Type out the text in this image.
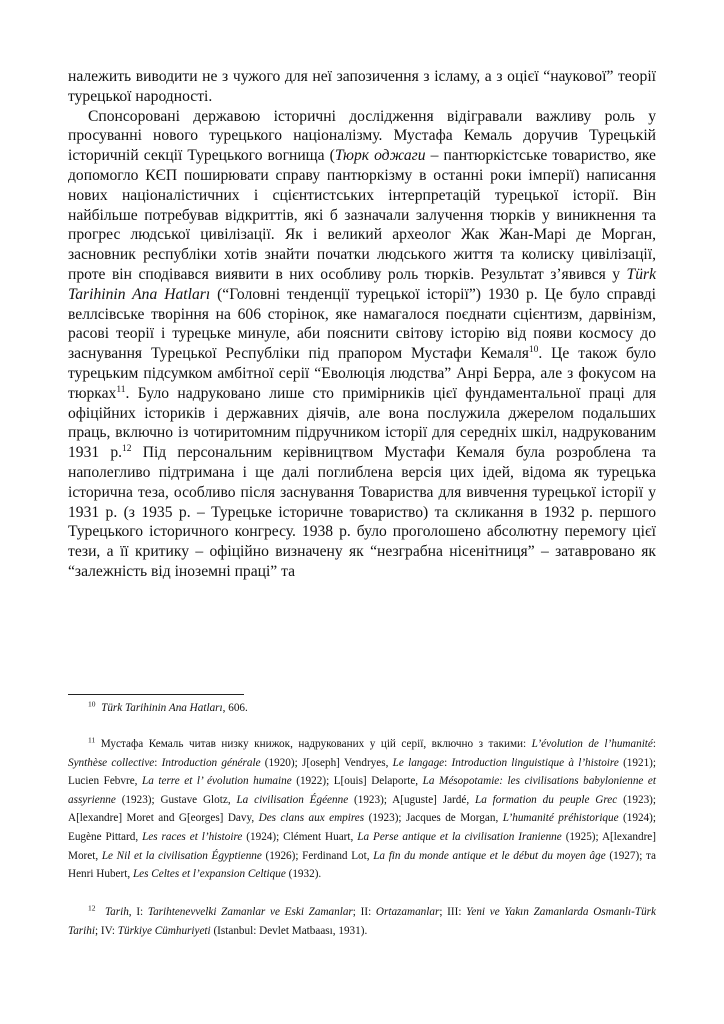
належить виводити не з чужого для неї запозичення з ісламу, а з оцієї “наукової” теорії турецької народності.

Спонсоровані державою історичні дослідження відігравали важливу роль у просуванні нового турецького націоналізму. Мустафа Кемаль доручив Турецькій історичній секції Турецького вогнища (Тюрк оджаги – пантюркістське товариство, яке допомогло КЄП поширювати справу пантюркізму в останні роки імперії) написання нових націоналістичних і сцієнтистських інтерпретацій турецької історії. Він найбільше потребував відкриттів, які б зазначали залучення тюрків у виникнення та прогрес людської цивілізації. Як і великий археолог Жак Жан-Марі де Морган, засновник республіки хотів знайти початки людського життя та колиску цивілізації, проте він сподівався виявити в них особливу роль тюрків. Результат з’явився у Türk Tarihinin Ana Hatları (“Головні тенденції турецької історії”) 1930 р. Це було справді веллсівське творіння на 606 сторінок, яке намагалося поєднати сцієнтизм, дарвінізм, расові теорії і турецьке минуле, аби пояснити світову історію від появи космосу до заснування Турецької Республіки під прапором Мустафи Кемаля$^{10}$. Це також було турецьким підсумком амбітної серії “Еволюція людства” Анрі Берра, але з фокусом на тюрках$^{11}$. Було надруковано лише сто примірників цієї фундаментальної праці для офіційних істориків і державних діячів, але вона послужила джерелом подальших праць, включно із чотиритомним підручником історії для середніх шкіл, надрукованим 1931 р.$^{12}$ Під персональним керівництвом Мустафи Кемаля була розроблена та наполегливо підтримана і ще далі поглиблена версія цих ідей, відома як турецька історична теза, особливо після заснування Товариства для вивчення турецької історії у 1931 р. (з 1935 р. – Турецьке історичне товариство) та скликання в 1932 р. першого Турецького історичного конгресу. 1938 р. було проголошено абсолютну перемогу цієї тези, а її критику – офіційно визначену як “незграбна нісенітниця” – затавровано як “залежність від іноземні праці” та

$^{10}$ Türk Tarihinin Ana Hatları, 606.

$^{11}$ Мустафа Кемаль читав низку книжок, надрукованих у цій серії, включно з такими: L’évolution de l’humanité: Synthèse collective: Introduction générale (1920); J[oseph] Vendryes, Le langage: Introduction linguistique à l’histoire (1921); Lucien Febvre, La terre et l’ évolution humaine (1922); L[ouis] Delaporte, La Mésopotamie: les civilisations babylonienne et assyrienne (1923); Gustave Glotz, La civilisation Égéenne (1923); A[uguste] Jardé, La formation du peuple Grec (1923); A[lexandre] Moret and G[eorges] Davy, Des clans aux empires (1923); Jacques de Morgan, L’humanité préhistorique (1924); Eugène Pittard, Les races et l’histoire (1924); Clément Huart, La Perse antique et la civilisation Iranienne (1925); A[lexandre] Moret, Le Nil et la civilisation Égyptienne (1926); Ferdinand Lot, La fin du monde antique et le début du moyen âge (1927); та Henri Hubert, Les Celtes et l’expansion Celtique (1932).

$^{12}$ Tarih, I: Tarihtenevvelki Zamanlar ve Eski Zamanlar; II: Ortazamanlar; III: Yeni ve Yakın Zamanlarda Osmanlı-Türk Tarihi; IV: Türkiye Cümhuriyeti (Istanbul: Devlet Matbaası, 1931).
